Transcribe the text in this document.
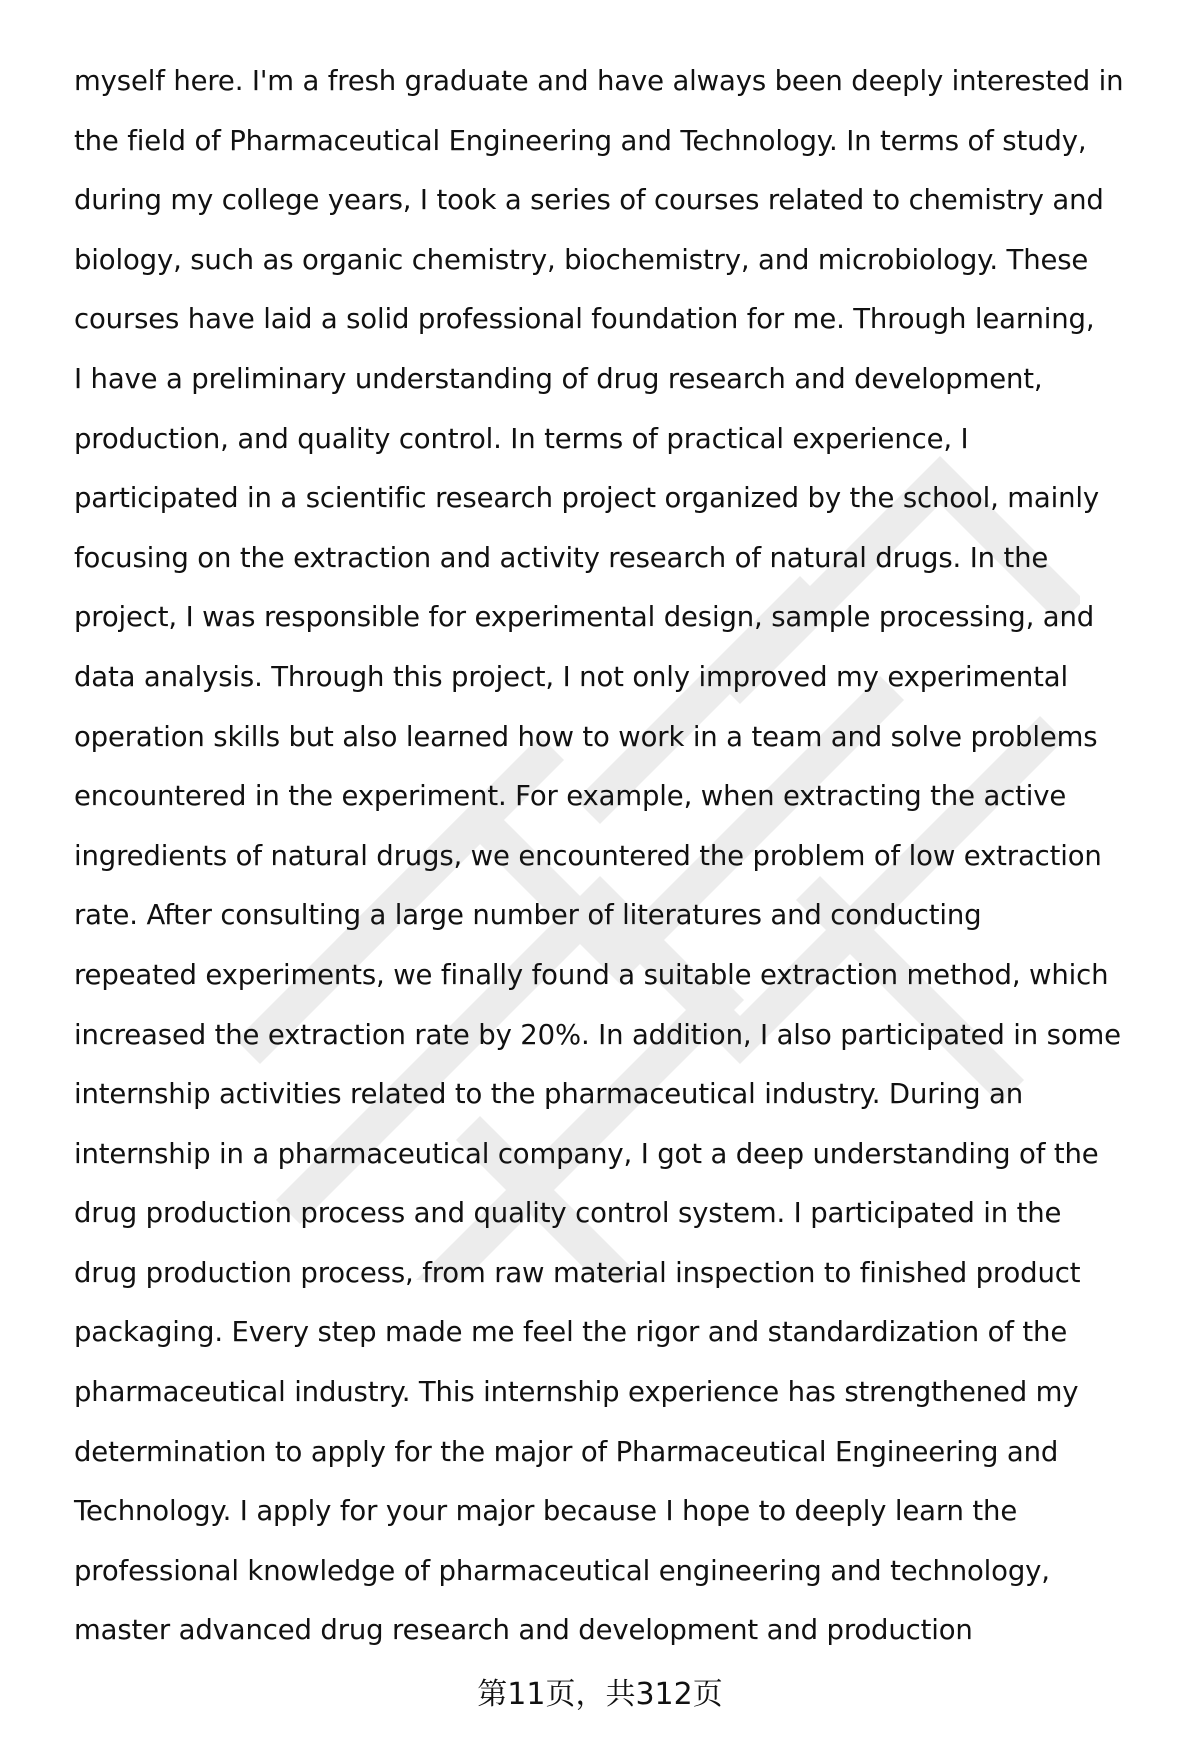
myself here. I'm a fresh graduate and have always been deeply interested in
the field of Pharmaceutical Engineering and Technology. In terms of study,
during my college years, I took a series of courses related to chemistry and
biology, such as organic chemistry, biochemistry, and microbiology. These
courses have laid a solid professional foundation for me. Through learning,
I have a preliminary understanding of drug research and development,
production, and quality control. In terms of practical experience, I
participated in a scientific research project organized by the school, mainly
focusing on the extraction and activity research of natural drugs. In the
project, I was responsible for experimental design, sample processing, and
data analysis. Through this project, I not only improved my experimental
operation skills but also learned how to work in a team and solve problems
encountered in the experiment. For example, when extracting the active
ingredients of natural drugs, we encountered the problem of low extraction
rate. After consulting a large number of literatures and conducting
repeated experiments, we finally found a suitable extraction method, which
increased the extraction rate by 20%. In addition, I also participated in some
internship activities related to the pharmaceutical industry. During an
internship in a pharmaceutical company, I got a deep understanding of the
drug production process and quality control system. I participated in the
drug production process, from raw material inspection to finished product
packaging. Every step made me feel the rigor and standardization of the
pharmaceutical industry. This internship experience has strengthened my
determination to apply for the major of Pharmaceutical Engineering and
Technology. I apply for your major because I hope to deeply learn the
professional knowledge of pharmaceutical engineering and technology,
master advanced drug research and development and production
第11页，共312页
